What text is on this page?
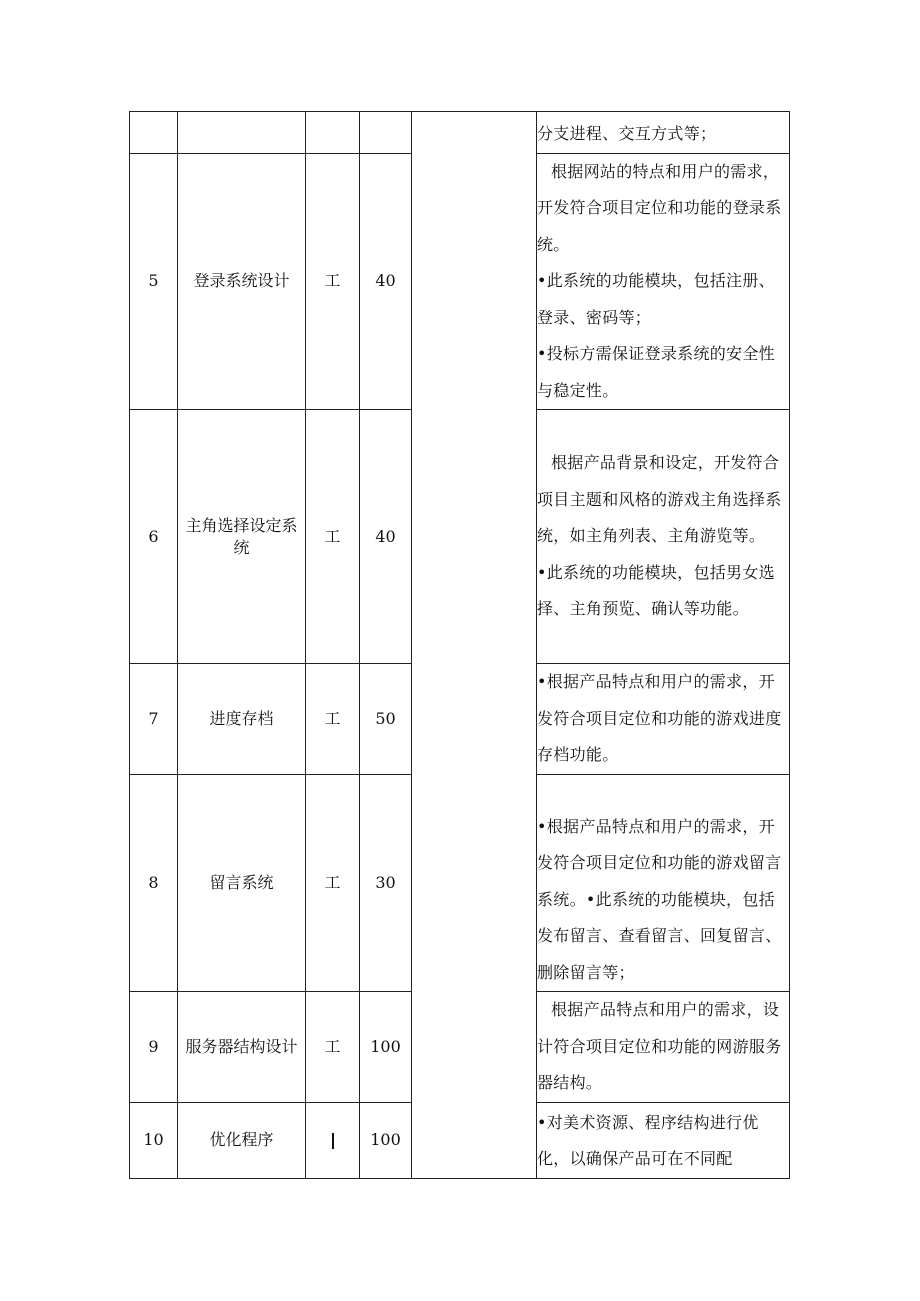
					分支进程、交互方式等；

5	登录系统设计	工	40		根据网站的特点和用户的需求，开发符合项目定位和功能的登录系统。

•此系统的功能模块，包括注册、登录、密码等；

•投标方需保证登录系统的安全性与稳定性。

6	主角选择设定系统	工	40		根据产品背景和设定，开发符合项目主题和风格的游戏主角选择系统，如主角列表、主角游览等。

•此系统的功能模块，包括男女选择、主角预览、确认等功能。

7	进度存档	工	50		•根据产品特点和用户的需求，开发符合项目定位和功能的游戏进度存档功能。

8	留言系统	工	30		•根据产品特点和用户的需求，开发符合项目定位和功能的游戏留言系统。•此系统的功能模块，包括发布留言、查看留言、回复留言、删除留言等；

9	服务器结构设计	工	100		根据产品特点和用户的需求，设计符合项目定位和功能的网游服务器结构。

10	优化程序		100		•对美术资源、程序结构进行优化，以确保产品可在不同配
